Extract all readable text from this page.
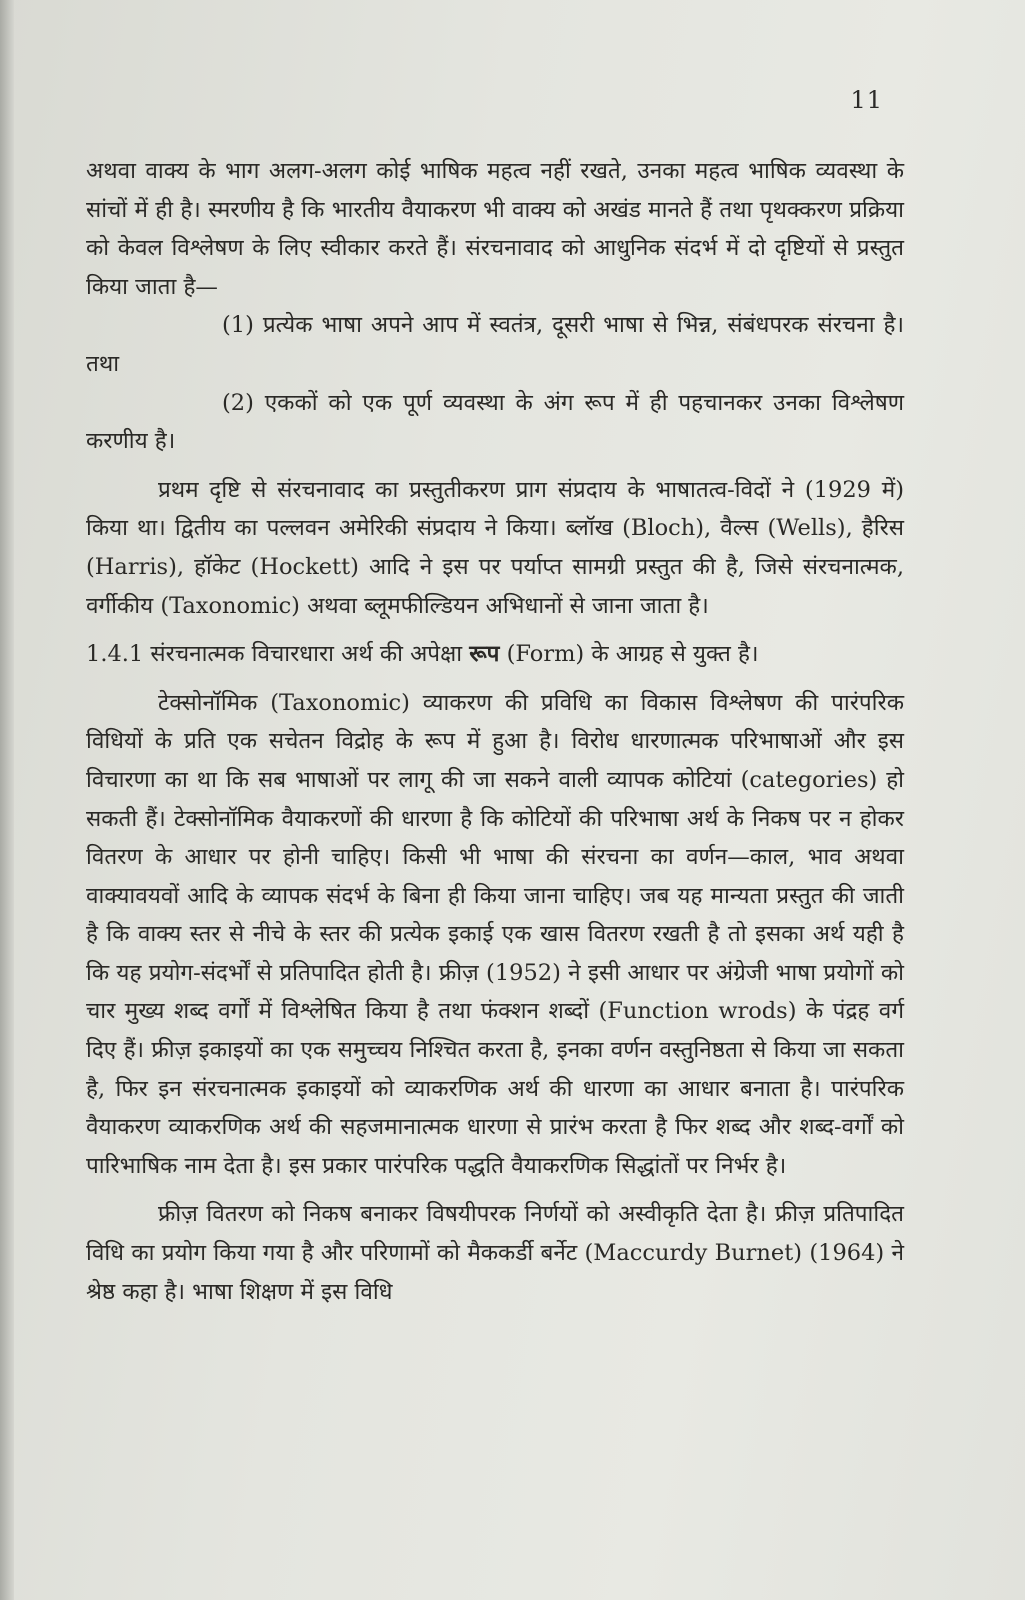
11

अथवा वाक्य के भाग अलग-अलग कोई भाषिक महत्व नहीं रखते, उनका महत्व भाषिक व्यवस्था के सांचों में ही है। स्मरणीय है कि भारतीय वैयाकरण भी वाक्य को अखंड मानते हैं तथा पृथक्करण प्रक्रिया को केवल विश्लेषण के लिए स्वीकार करते हैं। संरचनावाद को आधुनिक संदर्भ में दो दृष्टियों से प्रस्तुत किया जाता है—

(1) प्रत्येक भाषा अपने आप में स्वतंत्र, दूसरी भाषा से भिन्न, संबंधपरक संरचना है। तथा

(2) एककों को एक पूर्ण व्यवस्था के अंग रूप में ही पहचानकर उनका विश्लेषण करणीय है।

प्रथम दृष्टि से संरचनावाद का प्रस्तुतीकरण प्राग संप्रदाय के भाषातत्व-विदों ने (1929 में) किया था। द्वितीय का पल्लवन अमेरिकी संप्रदाय ने किया। ब्लॉख (Bloch), वैल्स (Wells), हैरिस (Harris), हॉकेट (Hockett) आदि ने इस पर पर्याप्त सामग्री प्रस्तुत की है, जिसे संरचनात्मक, वर्गीकीय (Taxonomic) अथवा ब्लूमफील्डियन अभिधानों से जाना जाता है।

1.4.1 संरचनात्मक विचारधारा अर्थ की अपेक्षा रूप (Form) के आग्रह से युक्त है।

टेक्सोनॉमिक (Taxonomic) व्याकरण की प्रविधि का विकास विश्लेषण की पारंपरिक विधियों के प्रति एक सचेतन विद्रोह के रूप में हुआ है। विरोध धारणात्मक परिभाषाओं और इस विचारणा का था कि सब भाषाओं पर लागू की जा सकने वाली व्यापक कोटियां (categories) हो सकती हैं। टेक्सोनॉमिक वैयाकरणों की धारणा है कि कोटियों की परिभाषा अर्थ के निकष पर न होकर वितरण के आधार पर होनी चाहिए। किसी भी भाषा की संरचना का वर्णन—काल, भाव अथवा वाक्यावयवों आदि के व्यापक संदर्भ के बिना ही किया जाना चाहिए। जब यह मान्यता प्रस्तुत की जाती है कि वाक्य स्तर से नीचे के स्तर की प्रत्येक इकाई एक खास वितरण रखती है तो इसका अर्थ यही है कि यह प्रयोग-संदर्भों से प्रतिपादित होती है। फ्रीज़ (1952) ने इसी आधार पर अंग्रेजी भाषा प्रयोगों को चार मुख्य शब्द वर्गों में विश्लेषित किया है तथा फंक्शन शब्दों (Function wrods) के पंद्रह वर्ग दिए हैं। फ्रीज़ इकाइयों का एक समुच्चय निश्चित करता है, इनका वर्णन वस्तुनिष्ठता से किया जा सकता है, फिर इन संरचनात्मक इकाइयों को व्याकरणिक अर्थ की धारणा का आधार बनाता है। पारंपरिक वैयाकरण व्याकरणिक अर्थ की सहजमानात्मक धारणा से प्रारंभ करता है फिर शब्द और शब्द-वर्गों को पारिभाषिक नाम देता है। इस प्रकार पारंपरिक पद्धति वैयाकरणिक सिद्धांतों पर निर्भर है।

फ्रीज़ वितरण को निकष बनाकर विषयीपरक निर्णयों को अस्वीकृति देता है। फ्रीज़ प्रतिपादित विधि का प्रयोग किया गया है और परिणामों को मैककर्डी बर्नेट (Maccurdy Burnet) (1964) ने श्रेष्ठ कहा है। भाषा शिक्षण में इस विधि
